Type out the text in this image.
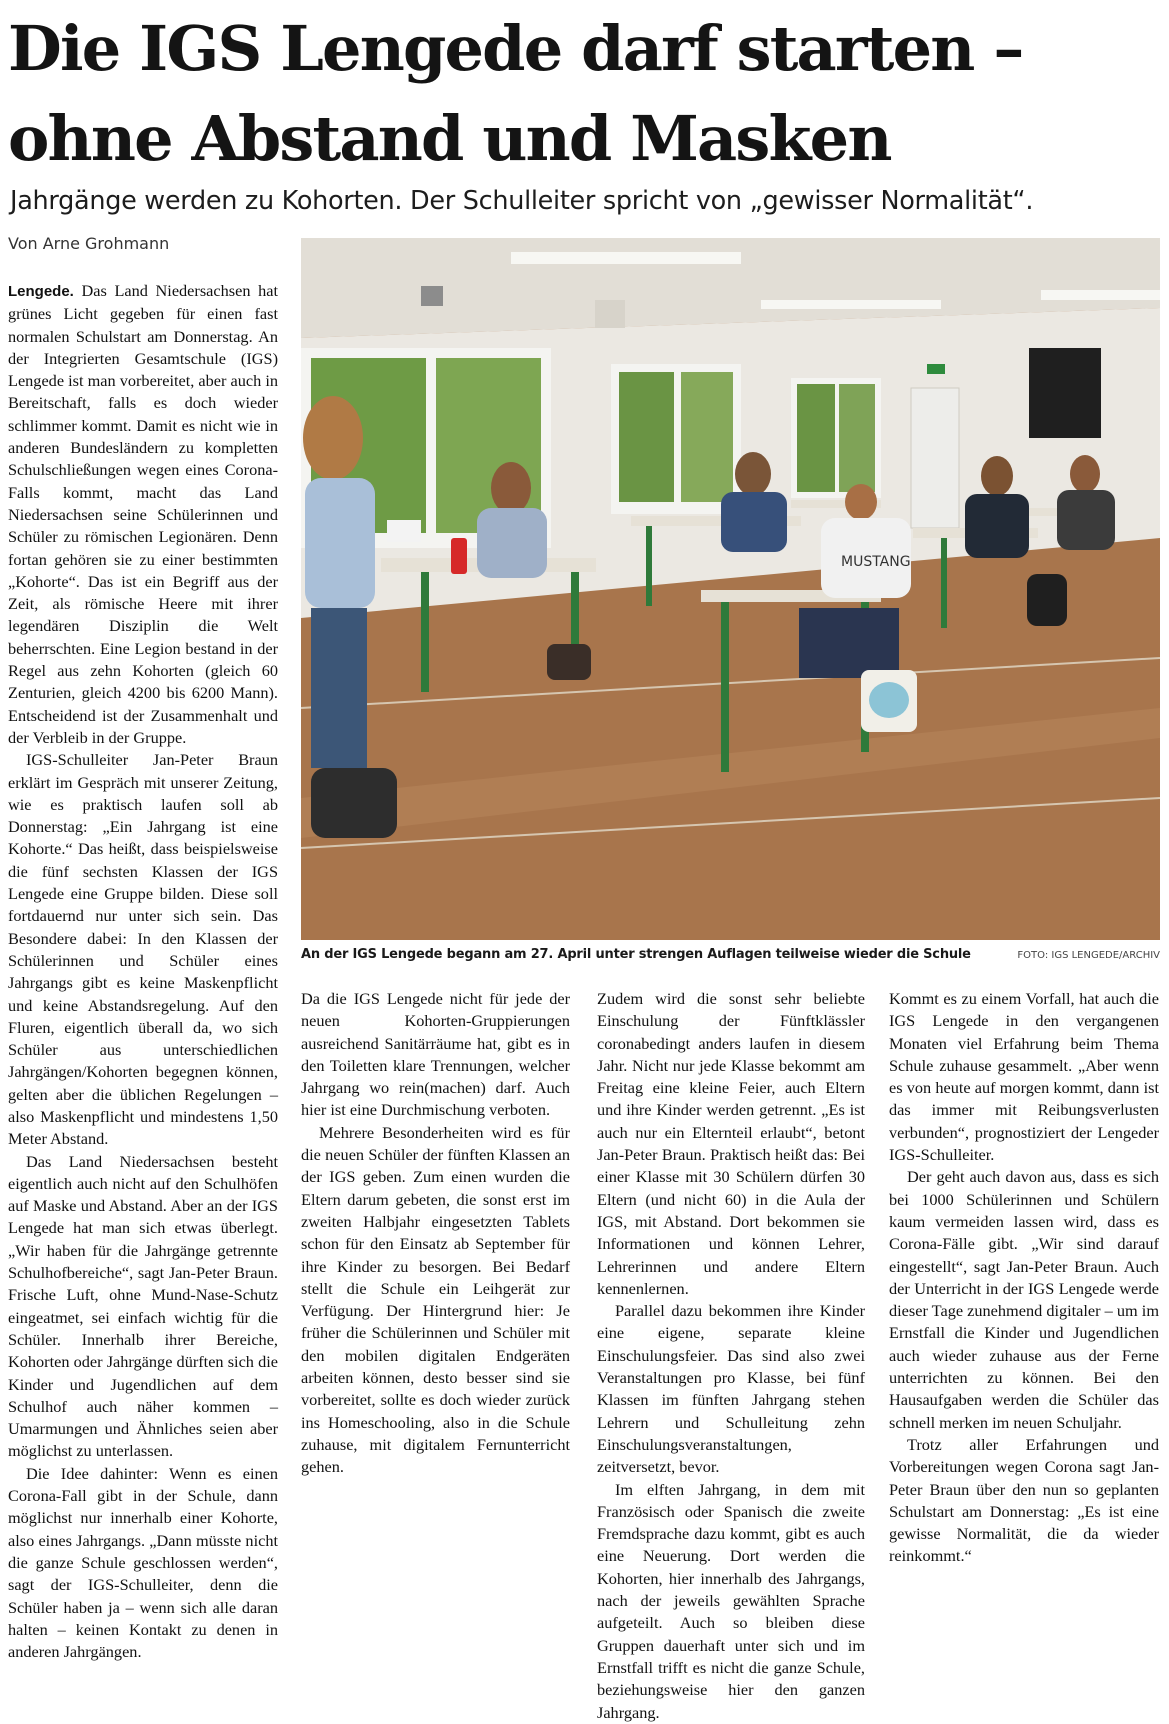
Die IGS Lengede darf starten –
ohne Abstand und Masken
Jahrgänge werden zu Kohorten. Der Schulleiter spricht von „gewisser Normalität“.
Von Arne Grohmann

Lengede. Das Land Niedersachsen hat grünes Licht gegeben für einen fast normalen Schulstart am Donnerstag. An der Integrierten Gesamtschule (IGS) Lengede ist man vorbereitet, aber auch in Bereitschaft, falls es doch wieder schlimmer kommt. Damit es nicht wie in anderen Bundesländern zu kompletten Schulschließungen wegen eines Corona-Falls kommt, macht das Land Niedersachsen seine Schülerinnen und Schüler zu römischen Legionären. Denn fortan gehören sie zu einer bestimmten „Kohorte“. Das ist ein Begriff aus der Zeit, als römische Heere mit ihrer legendären Disziplin die Welt beherrschten. Eine Legion bestand in der Regel aus zehn Kohorten (gleich 60 Zenturien, gleich 4200 bis 6200 Mann). Entscheidend ist der Zusammenhalt und der Verbleib in der Gruppe.

IGS-Schulleiter Jan-Peter Braun erklärt im Gespräch mit unserer Zeitung, wie es praktisch laufen soll ab Donnerstag: „Ein Jahrgang ist eine Kohorte.“ Das heißt, dass beispielsweise die fünf sechsten Klassen der IGS Lengede eine Gruppe bilden. Diese soll fortdauernd nur unter sich sein. Das Besondere dabei: In den Klassen der Schülerinnen und Schüler eines Jahrgangs gibt es keine Maskenpflicht und keine Abstandsregelung. Auf den Fluren, eigentlich überall da, wo sich Schüler aus unterschiedlichen Jahrgängen/Kohorten begegnen können, gelten aber die üblichen Regelungen – also Maskenpflicht und mindestens 1,50 Meter Abstand.

Das Land Niedersachsen besteht eigentlich auch nicht auf den Schulhöfen auf Maske und Abstand. Aber an der IGS Lengede hat man sich etwas überlegt. „Wir haben für die Jahrgänge getrennte Schulhofbereiche“, sagt Jan-Peter Braun. Frische Luft, ohne Mund-Nase-Schutz eingeatmet, sei einfach wichtig für die Schüler. Innerhalb ihrer Bereiche, Kohorten oder Jahrgänge dürften sich die Kinder und Jugendlichen auf dem Schulhof auch näher kommen – Umarmungen und Ähnliches seien aber möglichst zu unterlassen.

Die Idee dahinter: Wenn es einen Corona-Fall gibt in der Schule, dann möglichst nur innerhalb einer Kohorte, also eines Jahrgangs. „Dann müsste nicht die ganze Schule geschlossen werden“, sagt der IGS-Schulleiter, denn die Schüler haben ja – wenn sich alle daran halten – keinen Kontakt zu denen in anderen Jahrgängen.

MUSTANG
An der IGS Lengede begann am 27. April unter strengen Auflagen teilweise wieder die Schule	FOTO: IGS LENGEDE/ARCHIV

Da die IGS Lengede nicht für jede der neuen Kohorten-Gruppierungen ausreichend Sanitärräume hat, gibt es in den Toiletten klare Trennungen, welcher Jahrgang wo rein(machen) darf. Auch hier ist eine Durchmischung verboten.

Mehrere Besonderheiten wird es für die neuen Schüler der fünften Klassen an der IGS geben. Zum einen wurden die Eltern darum gebeten, die sonst erst im zweiten Halbjahr eingesetzten Tablets schon für den Einsatz ab September für ihre Kinder zu besorgen. Bei Bedarf stellt die Schule ein Leihgerät zur Verfügung. Der Hintergrund hier: Je früher die Schülerinnen und Schüler mit den mobilen digitalen Endgeräten arbeiten können, desto besser sind sie vorbereitet, sollte es doch wieder zurück ins Homeschooling, also in die Schule zuhause, mit digitalem Fernunterricht gehen.

Zudem wird die sonst sehr beliebte Einschulung der Fünftklässler coronabedingt anders laufen in diesem Jahr. Nicht nur jede Klasse bekommt am Freitag eine kleine Feier, auch Eltern und ihre Kinder werden getrennt. „Es ist auch nur ein Elternteil erlaubt“, betont Jan-Peter Braun. Praktisch heißt das: Bei einer Klasse mit 30 Schülern dürfen 30 Eltern (und nicht 60) in die Aula der IGS, mit Abstand. Dort bekommen sie Informationen und können Lehrer, Lehrerinnen und andere Eltern kennenlernen.

Parallel dazu bekommen ihre Kinder eine eigene, separate kleine Einschulungsfeier. Das sind also zwei Veranstaltungen pro Klasse, bei fünf Klassen im fünften Jahrgang stehen Lehrern und Schulleitung zehn Einschulungsveranstaltungen, zeitversetzt, bevor.

Im elften Jahrgang, in dem mit Französisch oder Spanisch die zweite Fremdsprache dazu kommt, gibt es auch eine Neuerung. Dort werden die Kohorten, hier innerhalb des Jahrgangs, nach der jeweils gewählten Sprache aufgeteilt. Auch so bleiben diese Gruppen dauerhaft unter sich und im Ernstfall trifft es nicht die ganze Schule, beziehungsweise hier den ganzen Jahrgang.

Kommt es zu einem Vorfall, hat auch die IGS Lengede in den vergangenen Monaten viel Erfahrung beim Thema Schule zuhause gesammelt. „Aber wenn es von heute auf morgen kommt, dann ist das immer mit Reibungsverlusten verbunden“, prognostiziert der Lengeder IGS-Schulleiter.

Der geht auch davon aus, dass es sich bei 1000 Schülerinnen und Schülern kaum vermeiden lassen wird, dass es Corona-Fälle gibt. „Wir sind darauf eingestellt“, sagt Jan-Peter Braun. Auch der Unterricht in der IGS Lengede werde dieser Tage zunehmend digitaler – um im Ernstfall die Kinder und Jugendlichen auch wieder zuhause aus der Ferne unterrichten zu können. Bei den Hausaufgaben werden die Schüler das schnell merken im neuen Schuljahr.

Trotz aller Erfahrungen und Vorbereitungen wegen Corona sagt Jan-Peter Braun über den nun so geplanten Schulstart am Donnerstag: „Es ist eine gewisse Normalität, die da wieder reinkommt.“
